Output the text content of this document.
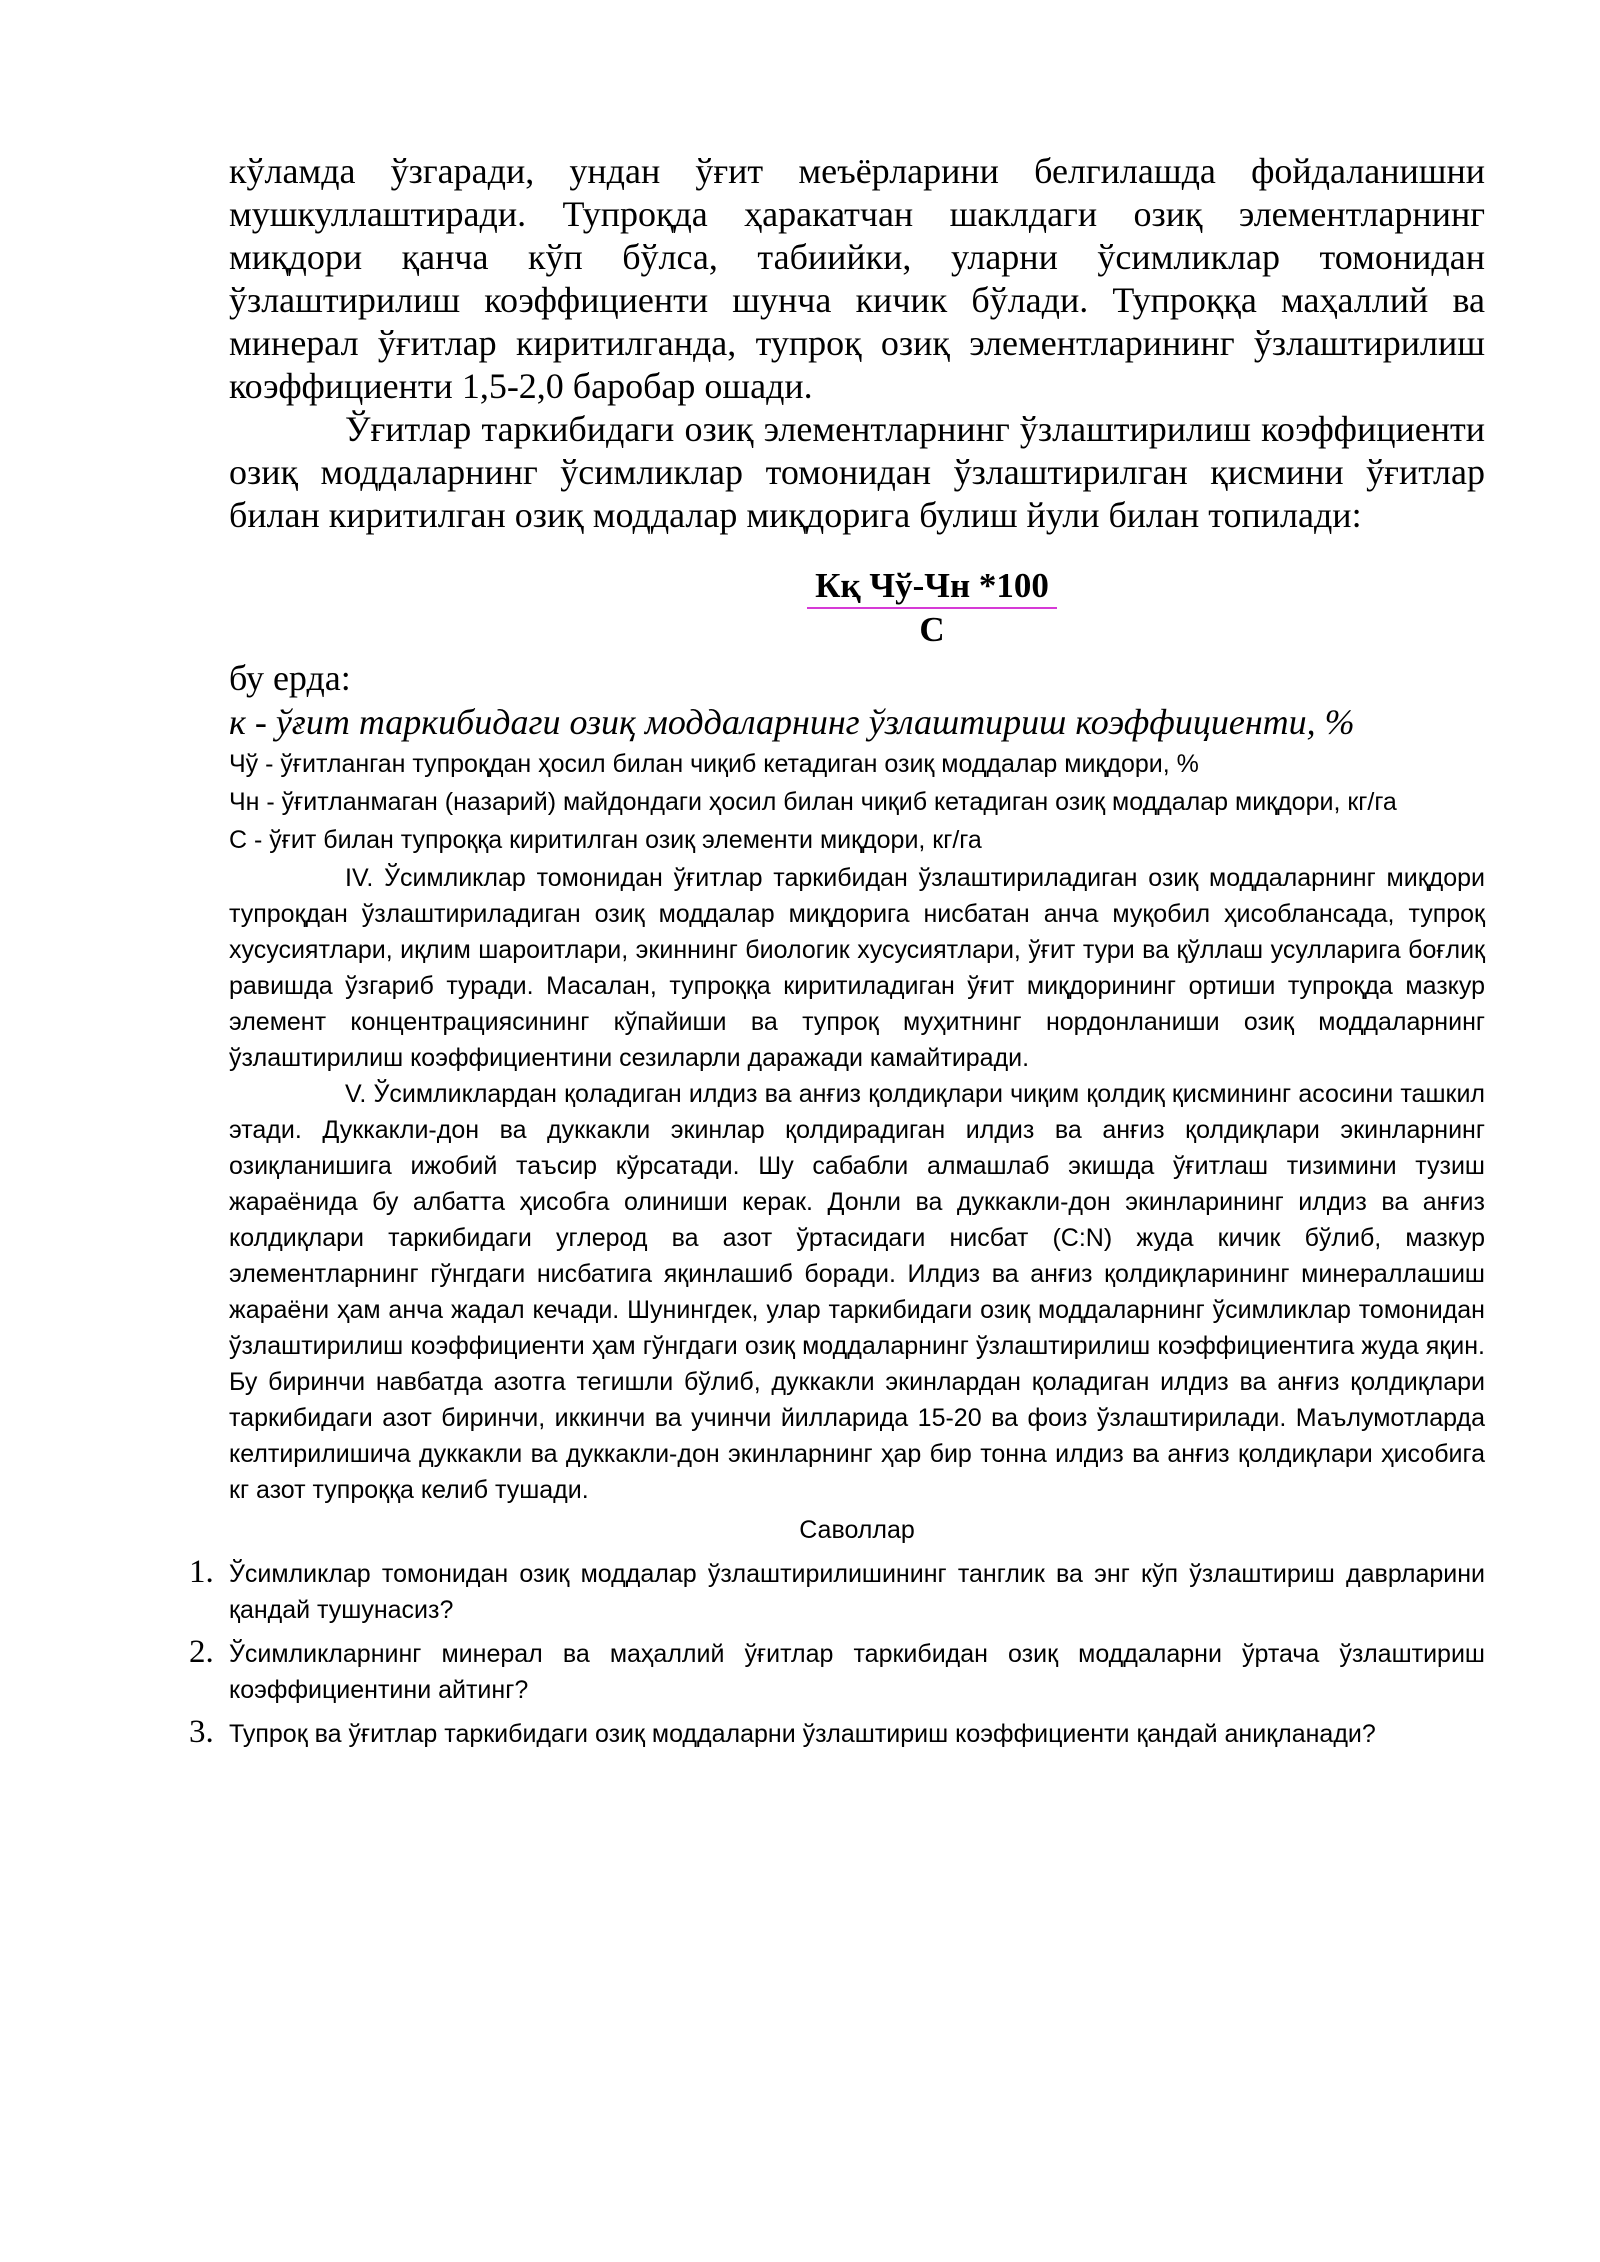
кўламда ўзгаради, ундан ўғит меъёрларини белгилашда фойдаланишни мушкуллаштиради. Тупроқда ҳаракатчан шаклдаги озиқ элементларнинг миқдори қанча кўп бўлса, табиийки, уларни ўсимликлар томонидан ўзлаштирилиш коэффициенти шунча кичик бўлади. Тупроққа маҳаллий ва минерал ўғитлар киритилганда, тупроқ озиқ элементларининг ўзлаштирилиш коэффициенти 1,5-2,0 баробар ошади.

Ўғитлар таркибидаги озиқ элементларнинг ўзлаштирилиш коэффициенти озиқ моддаларнинг ўсимликлар томонидан ўзлаштирилган қисмини ўғитлар билан киритилган озиқ моддалар миқдорига булиш йули билан топилади:

Кқ Чў-Чн *100
С

бу ерда:

к - ўғит таркибидаги озиқ моддаларнинг ўзлаштириш коэффициенти, %

Чў - ўғитланган тупроқдан ҳосил билан чиқиб кетадиган озиқ моддалар миқдори, %

Чн - ўғитланмаган (назарий) майдондаги ҳосил билан чиқиб кетадиган озиқ моддалар миқдори, кг/га

С - ўғит билан тупроққа киритилган озиқ элементи миқдори, кг/га

IV. Ўсимликлар томонидан ўғитлар таркибидан ўзлаштириладиган озиқ моддаларнинг миқдори тупроқдан ўзлаштириладиган озиқ моддалар миқдорига нисбатан анча муқобил ҳисоблансада, тупроқ хусусиятлари, иқлим шароитлари, экиннинг биологик хусусиятлари, ўғит тури ва қўллаш усулларига боғлиқ равишда ўзгариб туради. Масалан, тупроққа киритиладиган ўғит миқдорининг ортиши тупроқда мазкур элемент концентрациясининг кўпайиши ва тупроқ муҳитнинг нордонланиши озиқ моддаларнинг ўзлаштирилиш коэффициентини сезиларли даражади камайтиради.

V. Ўсимликлардан қоладиган илдиз ва анғиз қолдиқлари чиқим қолдиқ қисмининг асосини ташкил этади. Дуккакли-дон ва дуккакли экинлар қолдирадиган илдиз ва анғиз қолдиқлари экинларнинг озиқланишига ижобий таъсир кўрсатади. Шу сабабли алмашлаб экишда ўғитлаш тизимини тузиш жараёнида бу албатта ҳисобга олиниши керак. Донли ва дуккакли-дон экинларининг илдиз ва анғиз колдиқлари таркибидаги углерод ва азот ўртасидаги нисбат (C:N) жуда кичик бўлиб, мазкур элементларнинг гўнгдаги нисбатига яқинлашиб боради. Илдиз ва анғиз қолдиқларининг минераллашиш жараёни ҳам анча жадал кечади. Шунингдек, улар таркибидаги озиқ моддаларнинг ўсимликлар томонидан ўзлаштирилиш коэффициенти ҳам гўнгдаги озиқ моддаларнинг ўзлаштирилиш коэффициентига жуда яқин. Бу биринчи навбатда азотга тегишли бўлиб, дуккакли экинлардан қоладиган илдиз ва анғиз қолдиқлари таркибидаги азот биринчи, иккинчи ва учинчи йилларида 15-20 ва фоиз ўзлаштирилади. Маълумотларда келтирилишича дуккакли ва дуккакли-дон экинларнинг ҳар бир тонна илдиз ва анғиз қолдиқлари ҳисобига кг азот тупроққа келиб тушади.

Саволлар

1. Ўсимликлар томонидан озиқ моддалар ўзлаштирилишининг танглик ва энг кўп ўзлаштириш даврларини қандай тушунасиз?
2. Ўсимликларнинг минерал ва маҳаллий ўғитлар таркибидан озиқ моддаларни ўртача ўзлаштириш коэффициентини айтинг?
3. Тупроқ ва ўғитлар таркибидаги озиқ моддаларни ўзлаштириш коэффициенти қандай аниқланади?
